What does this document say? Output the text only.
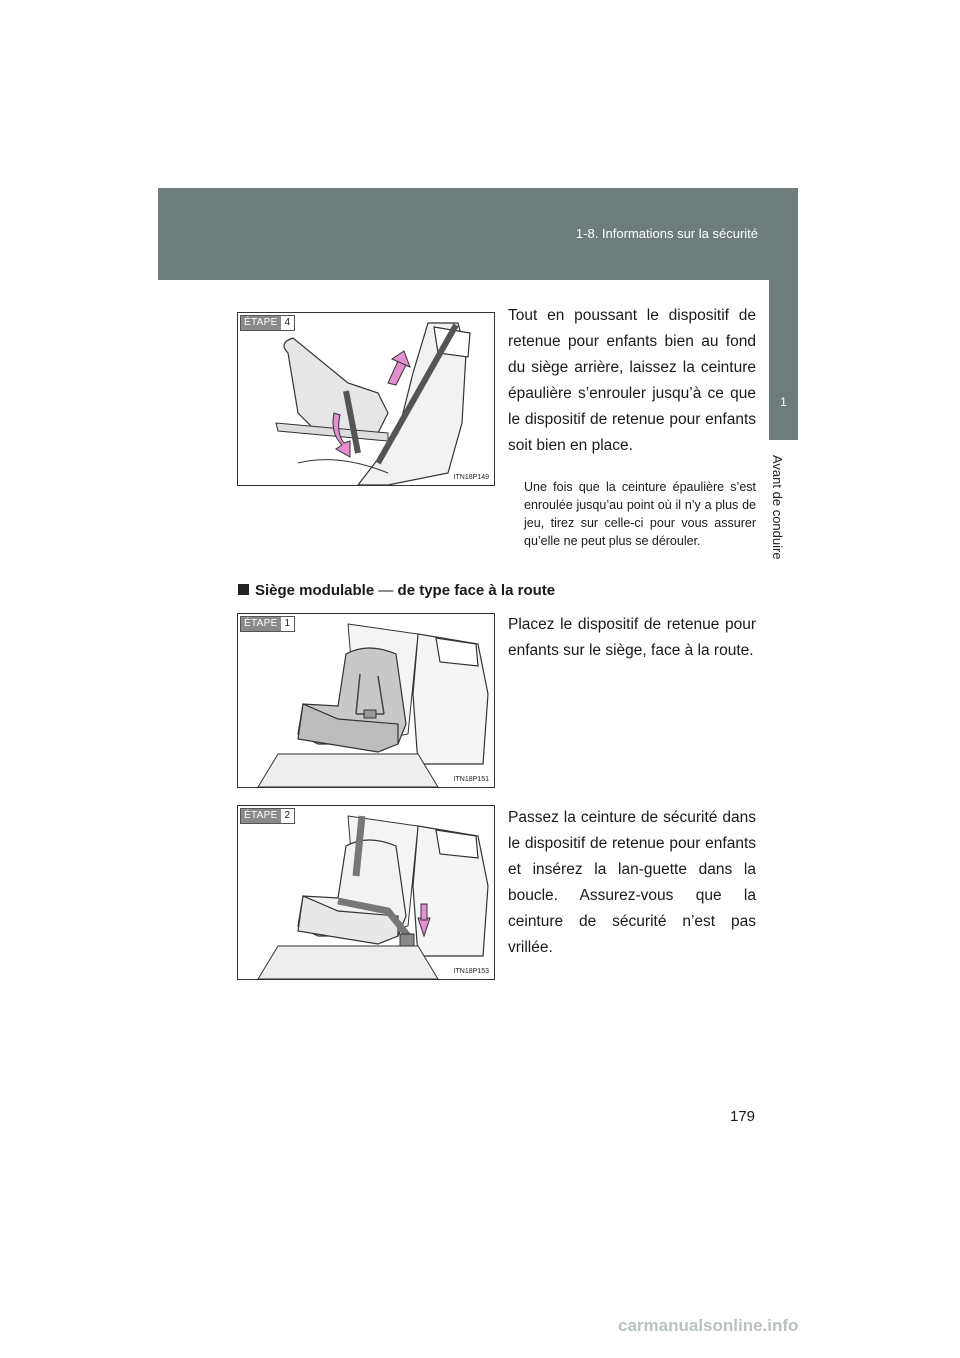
1-8. Informations sur la sécurité
1
Avant de conduire
ÉTAPE 4
ITN18P149
Tout en poussant le dispositif de retenue pour enfants bien au fond du siège arrière, laissez la ceinture épaulière s’enrouler jusqu’à ce que le dispositif de retenue pour enfants soit bien en place.
Une fois que la ceinture épaulière s’est enroulée jusqu’au point où il n’y a plus de jeu, tirez sur celle-ci pour vous assurer qu’elle ne peut plus se dérouler.
Siège modulable — de type face à la route
ÉTAPE 1
ITN18P151
Placez le dispositif de retenue pour enfants sur le siège, face à la route.
ÉTAPE 2
ITN18P153
Passez la ceinture de sécurité dans le dispositif de retenue pour enfants et insérez la lan-guette dans la boucle. Assurez-vous que la ceinture de sécurité n’est pas vrillée.
179
carmanualsonline.info
